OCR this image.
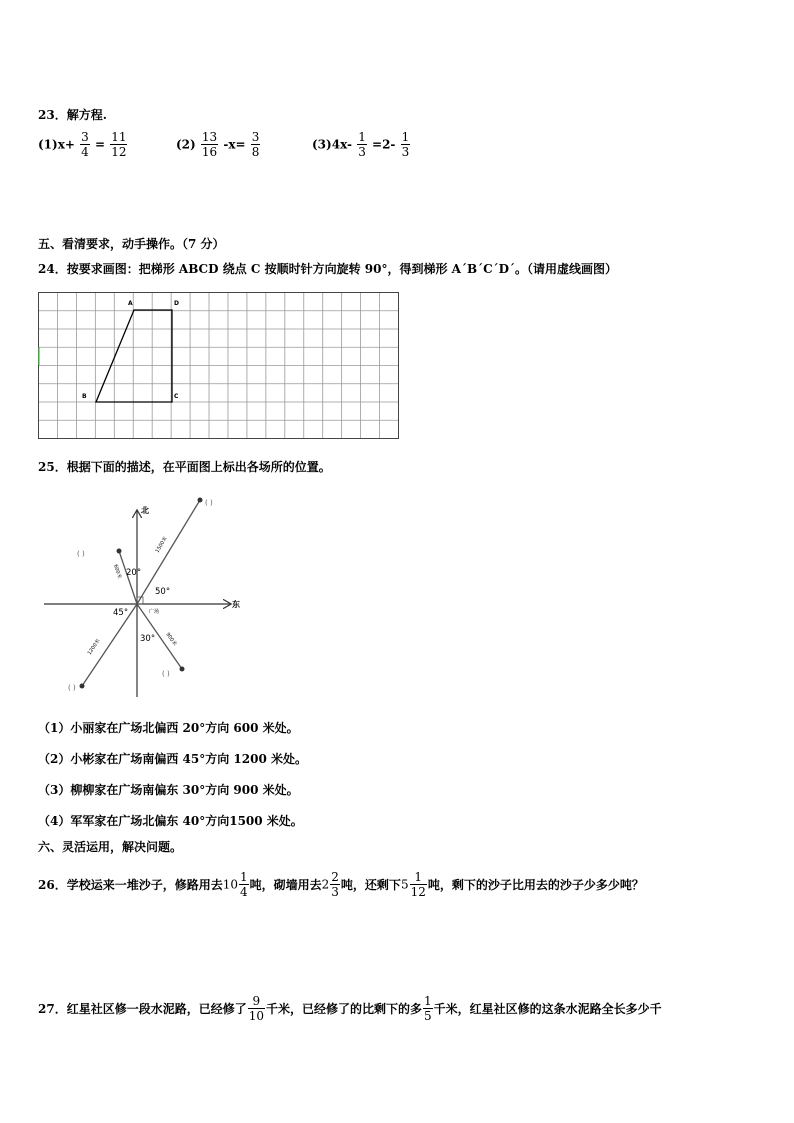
23．解方程.
$(1)x+ \frac{3}{4} = \frac{11}{12}$	$(2) \frac{13}{16} -x= \frac{3}{8}$	$(3)4x- \frac{1}{3} =2- \frac{1}{3}$
五、看清要求，动手操作。（7 分）
24．按要求画图：把梯形 ABCD 绕点 C 按顺时针方向旋转 90°，得到梯形 A´B´C´D´。（请用虚线画图）
A	D
B	C
25．根据下面的描述，在平面图上标出各场所的位置。
北
东
广场
20°
50°
45°
30°
600米
1500米
1200米	900米
( )
( )
( )
( )
（1）小丽家在广场北偏西 20°方向 600 米处。
（2）小彬家在广场南偏西 45°方向 1200 米处。
（3）柳柳家在广场南偏东 30°方向 900 米处。
（4）军军家在广场北偏东 40°方向1500 米处。
六、灵活运用，解决问题。
26．学校运来一堆沙子，修路用去$10 \frac{1}{4}$ 吨，砌墙用去$2 \frac{2}{3}$ 吨，还剩下$5 \frac{1}{12}$ 吨，剩下的沙子比用去的沙子少多少吨？
27．红星社区修一段水泥路，已经修了 $\frac{9}{10}$ 千米，已经修了的比剩下的多 $\frac{1}{5}$ 千米，红星社区修的这条水泥路全长多少千
